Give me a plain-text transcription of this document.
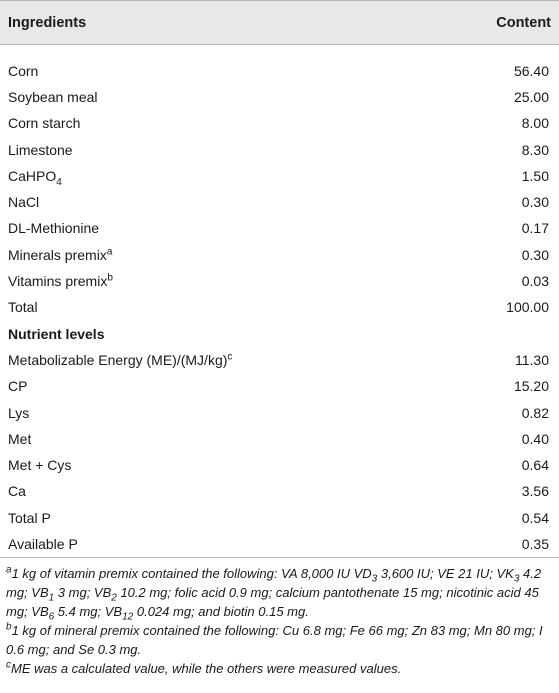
Ingredients	Content

Corn	56.40
Soybean meal	25.00
Corn starch	8.00
Limestone	8.30
CaHPO$_4$	1.50
NaCl	0.30
DL-Methionine	0.17
Minerals premix$^a$	0.30
Vitamins premix$^b$	0.03
Total	100.00
Nutrient levels	
Metabolizable Energy $(ME)/(MJ/kg)^c$	11.30
CP	15.20
Lys	0.82
Met	0.40
Met + Cys	0.64
Ca	3.56
Total P	0.54
Available P	0.35

$^a$1 kg of vitamin premix contained the following: VA 8,000 IU $VD_3$ 3,600 IU; VE 21 IU; $VK_3$ 4.2 mg; $VB_1$ 3 mg; $VB_2$ 10.2 mg; folic acid 0.9 mg; calcium pantothenate 15 mg; nicotinic acid 45 mg; $VB_6$ 5.4 mg; $VB_{12}$ 0.024 mg; and biotin 0.15 mg.

$^b$1 kg of mineral premix contained the following: Cu 6.8 mg; Fe 66 mg; Zn 83 mg; Mn 80 mg; I 0.6 mg; and Se 0.3 mg.

$^c$ME was a calculated value, while the others were measured values.
